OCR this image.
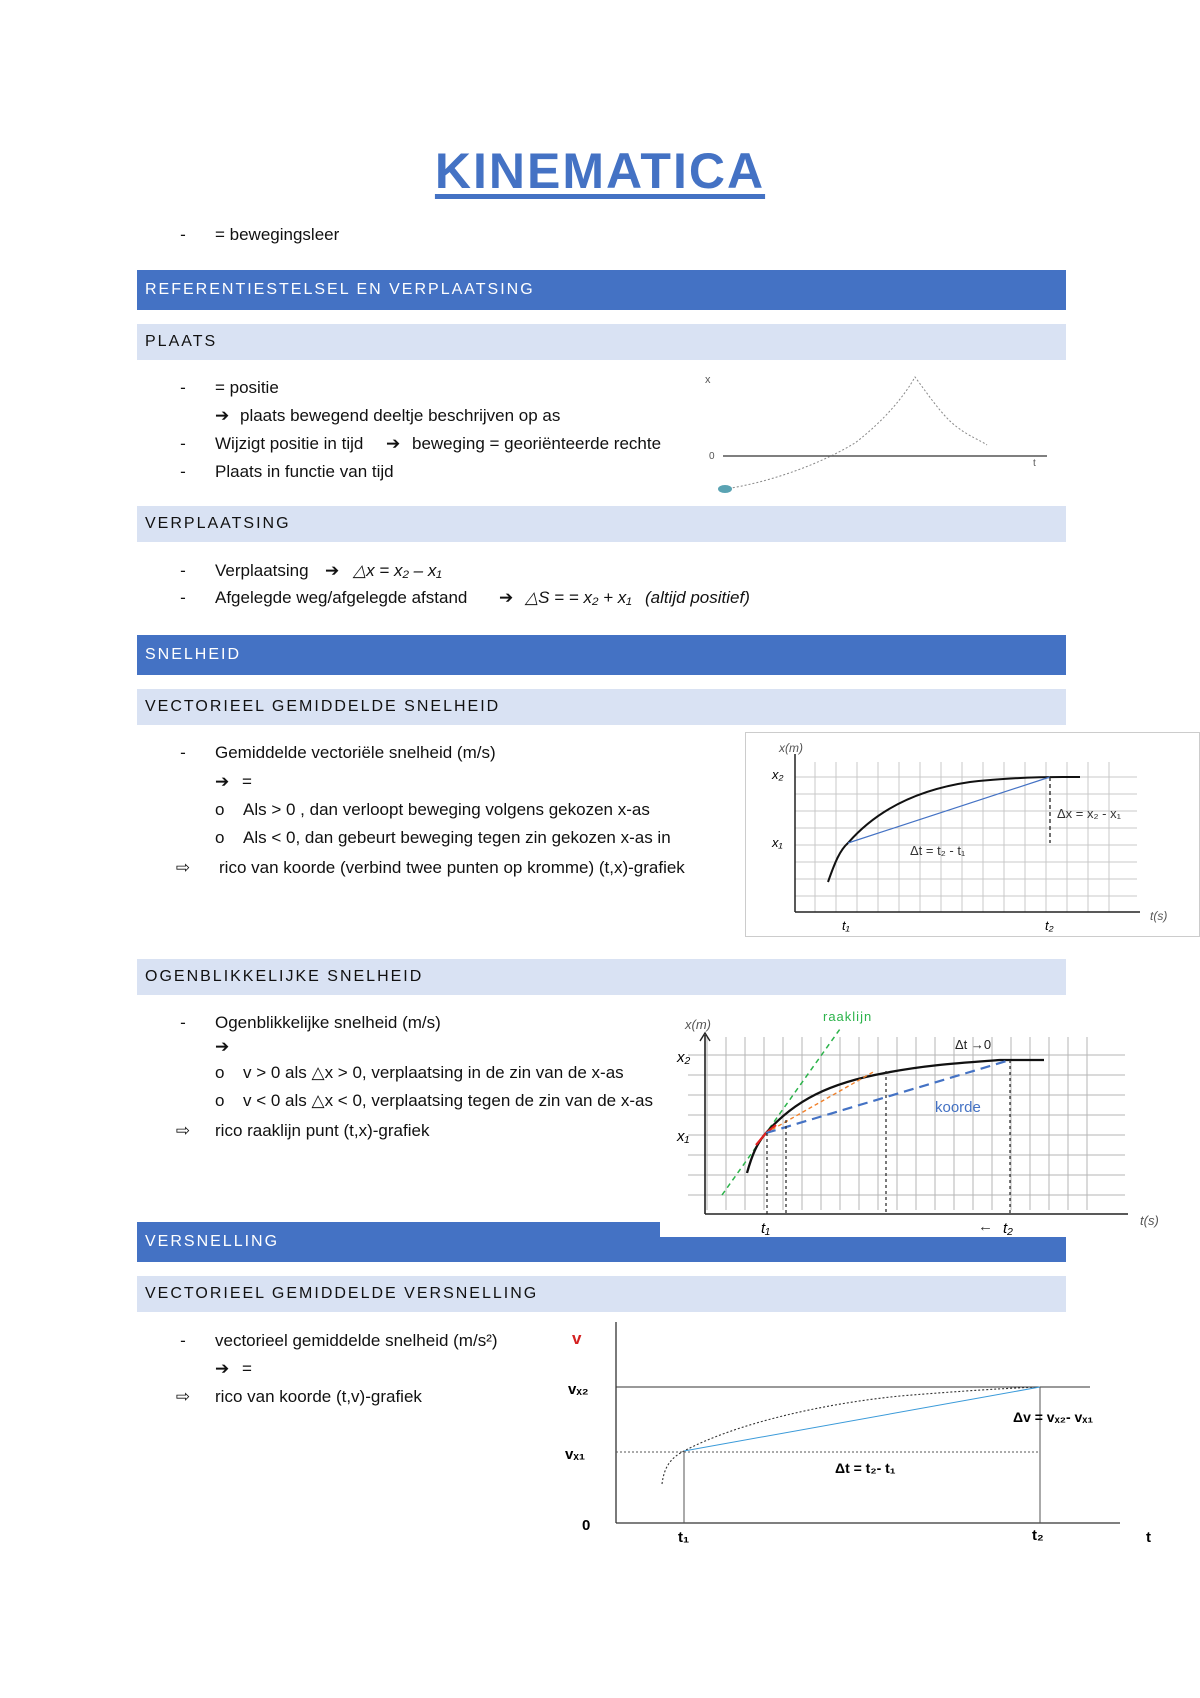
KINEMATICA
-	= bewegingsleer
REFERENTIESTELSEL EN VERPLAATSING
PLAATS
-	= positie
➔ plaats bewegend deeltje beschrijven op as
-	Wijzigt positie in tijd ➔ beweging = georiënteerde rechte
-	Plaats in functie van tijd
x
0
t
VERPLAATSING
-	Verplaatsing ➔ △x = x₂ – x₁
-	Afgelegde weg/afgelegde afstand ➔ △S = = x₂ + x₁ (altijd positief)
SNELHEID
VECTORIEEL GEMIDDELDE SNELHEID
-	Gemiddelde vectoriële snelheid (m/s)
➔ =
o Als > 0 , dan verloopt beweging volgens gekozen x-as
o Als < 0, dan gebeurt beweging tegen zin gekozen x-as in
⇨ rico van koorde (verbind twee punten op kromme) (t,x)-grafiek
x(m)
x₂
x₁
Δx = x₂ - x₁
Δt = t₂ - t₁
t₁	t₂
t(s)
OGENBLIKKELIJKE SNELHEID
-	Ogenblikkelijke snelheid (m/s)
➔
o v > 0 als △x > 0, verplaatsing in de zin van de x-as
o v < 0 als △x < 0, verplaatsing tegen de zin van de x-as
⇨ rico raaklijn punt (t,x)-grafiek
VERSNELLING
x(m)
raaklijn
Δt →0
x₂
x₁
koorde
t₁	← t₂	t(s)
VECTORIEEL GEMIDDELDE VERSNELLING
-	vectorieel gemiddelde snelheid (m/s²)
➔ =
⇨ rico van koorde (t,v)-grafiek
v
vₓ₂
vₓ₁
0
Δv = vₓ₂- vₓ₁
Δt = t₂- t₁
t₁	t₂	t
